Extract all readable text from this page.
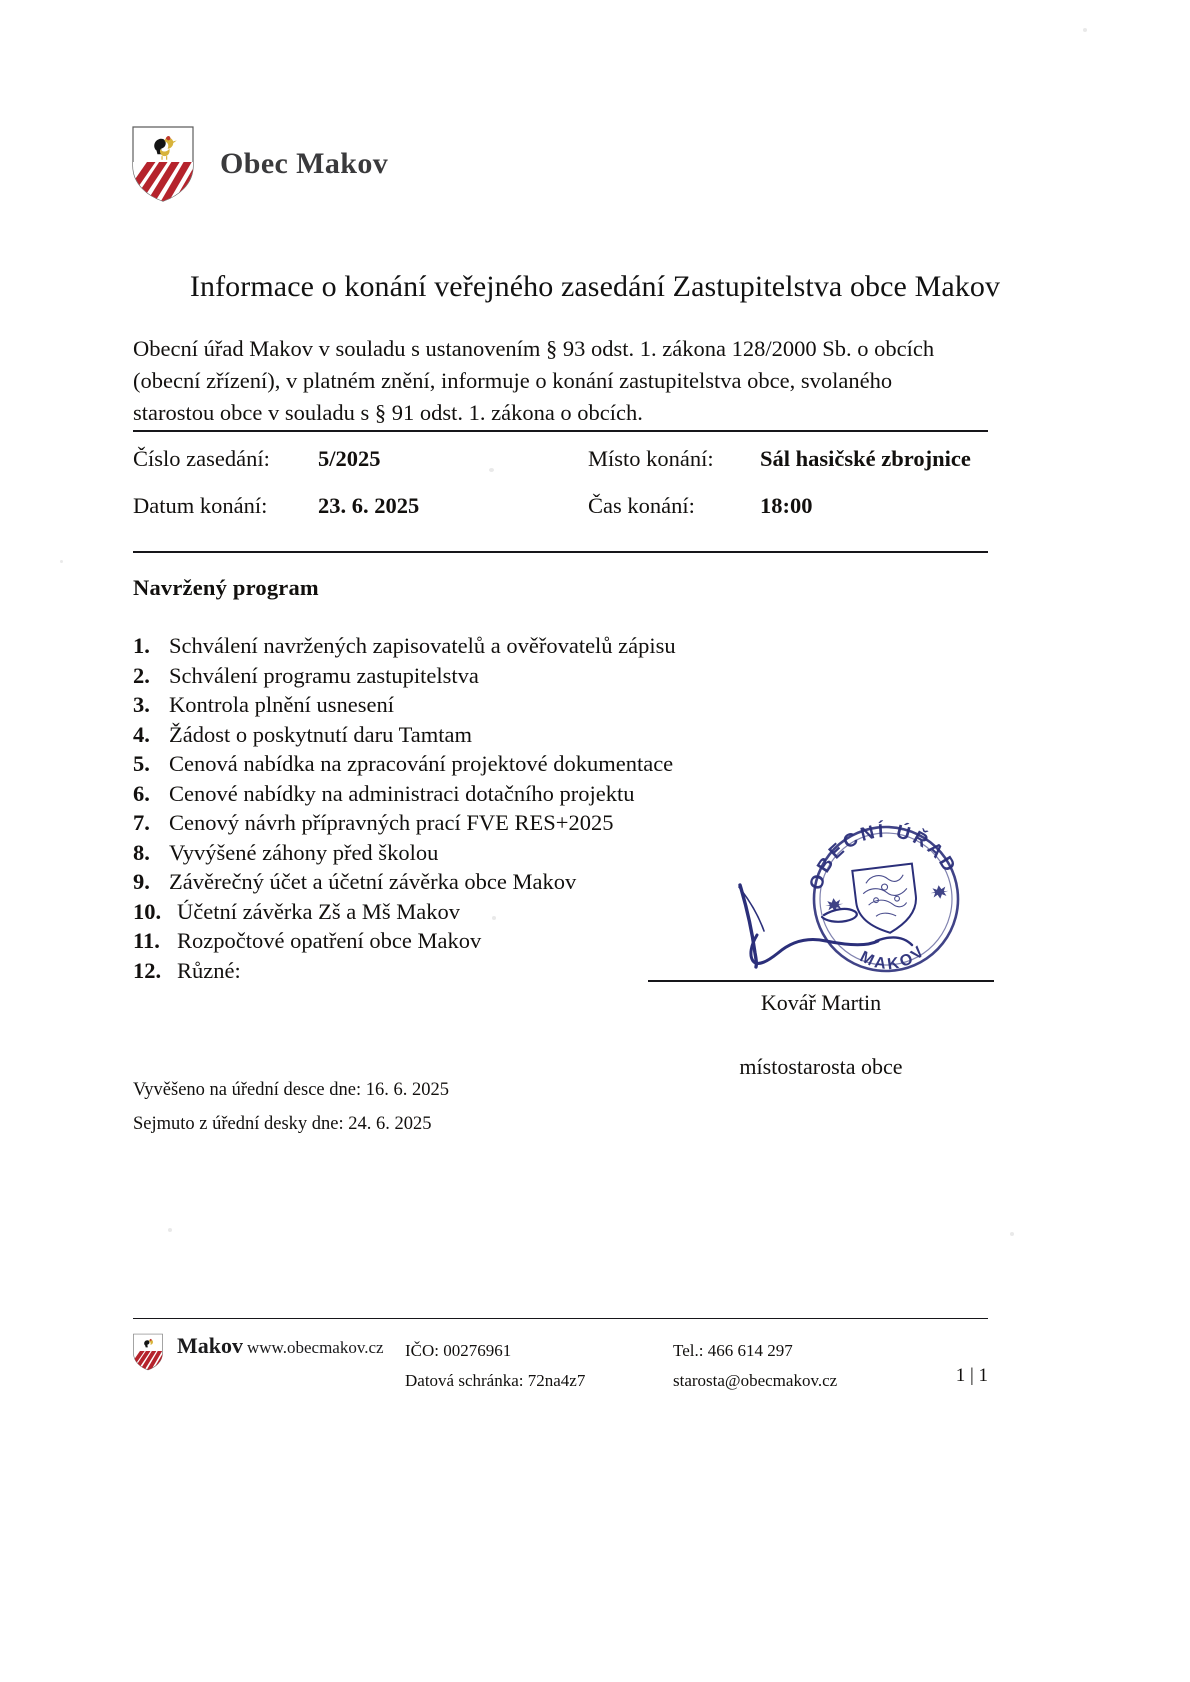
Obec Makov
Informace o konání veřejného zasedání Zastupitelstva obce Makov

Obecní úřad Makov v souladu s ustanovením § 93 odst. 1. zákona 128/2000 Sb. o obcích (obecní zřízení), v platném znění, informuje o konání zastupitelstva obce, svolaného starostou obce v souladu s § 91 odst. 1. zákona o obcích.

Číslo zasedání:	5/2025	Místo konání:	Sál hasičské zbrojnice
Datum konání:	23. 6. 2025	Čas konání:	18:00
Navržený program
1. Schválení navržených zapisovatelů a ověřovatelů zápisu
2. Schválení programu zastupitelstva
3. Kontrola plnění usnesení
4. Žádost o poskytnutí daru Tamtam
5. Cenová nabídka na zpracování projektové dokumentace
6. Cenové nabídky na administraci dotačního projektu
7. Cenový návrh přípravných prací FVE RES+2025
8. Vyvýšené záhony před školou
9. Závěrečný účet a účetní závěrka obce Makov
10. Účetní závěrka Zš a Mš Makov
11. Rozpočtové opatření obce Makov
12. Různé:
OBECNÍ ÚŘAD
MAKOV
Kovář Martin
místostarosta obce
Vyvěšeno na úřední desce dne: 16. 6. 2025
Sejmuto z úřední desky dne: 24. 6. 2025
Makov www.obecmakov.cz IČO: 00276961
Datová schránka: 72na4z7
Tel.: 466 614 297
starosta@obecmakov.cz	1 | 1
